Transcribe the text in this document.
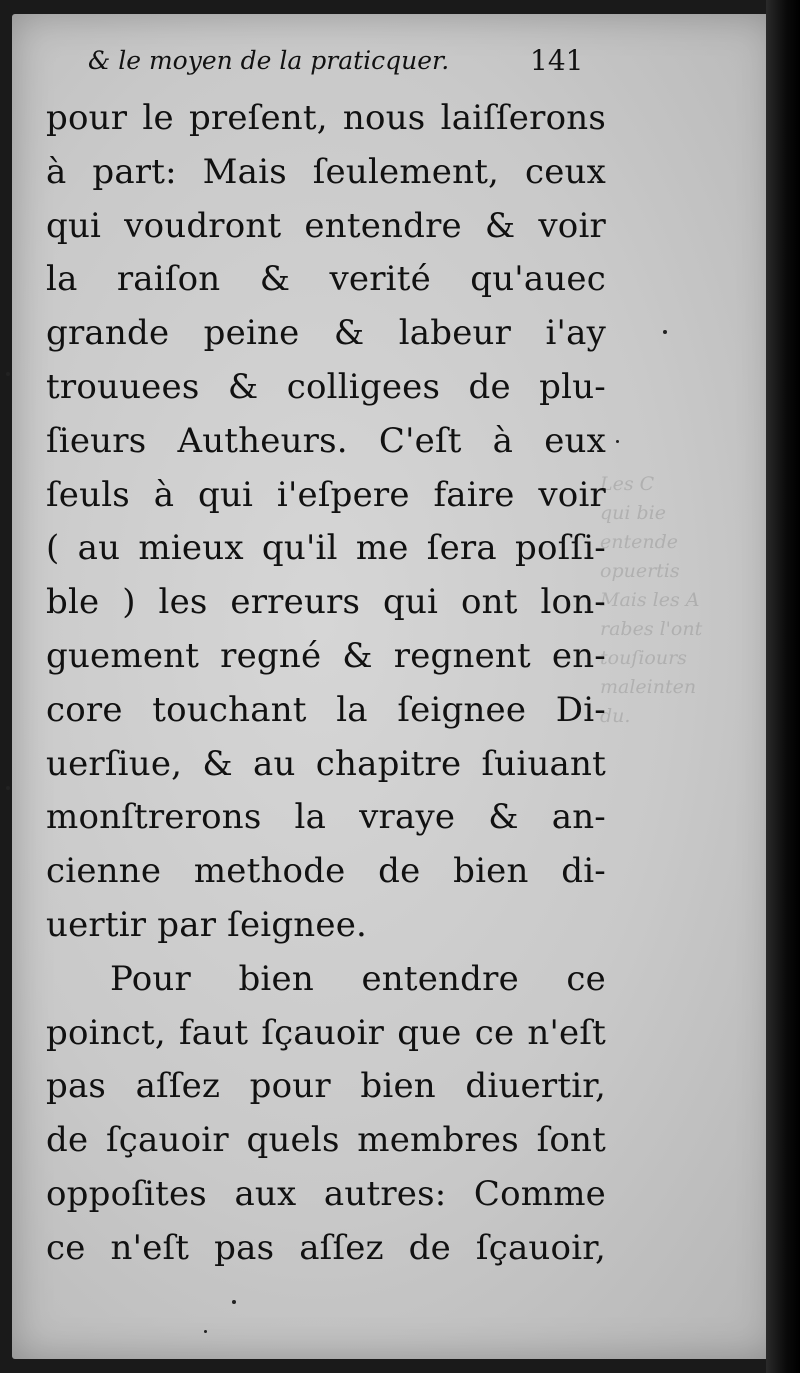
Les C
qui bie
entende
opuertis
Mais les A
rabes l'ont
touſiours
maleinten
du.
& le moyen de la praticquer.	141
pour le preſent, nous laiſſerons
à part: Mais ſeulement, ceux
qui voudront entendre & voir
la raiſon & verité qu'auec
grande peine & labeur i'ay
trouuees & colligees de plu-
ſieurs Autheurs. C'eſt à eux
ſeuls à qui i'eſpere faire voir
( au mieux qu'il me ſera poſſi-
ble ) les erreurs qui ont lon-
guement regné & regnent en-
core touchant la ſeignee Di-
uerſiue, & au chapitre ſuiuant
monſtrerons la vraye & an-
cienne methode de bien di-
uertir par ſeignee.
Pour bien entendre ce
poinct, faut ſçauoir que ce n'eſt
pas aſſez pour bien diuertir,
de ſçauoir quels membres ſont
oppoſites aux autres: Comme
ce n'eſt pas aſſez de ſçauoir,
